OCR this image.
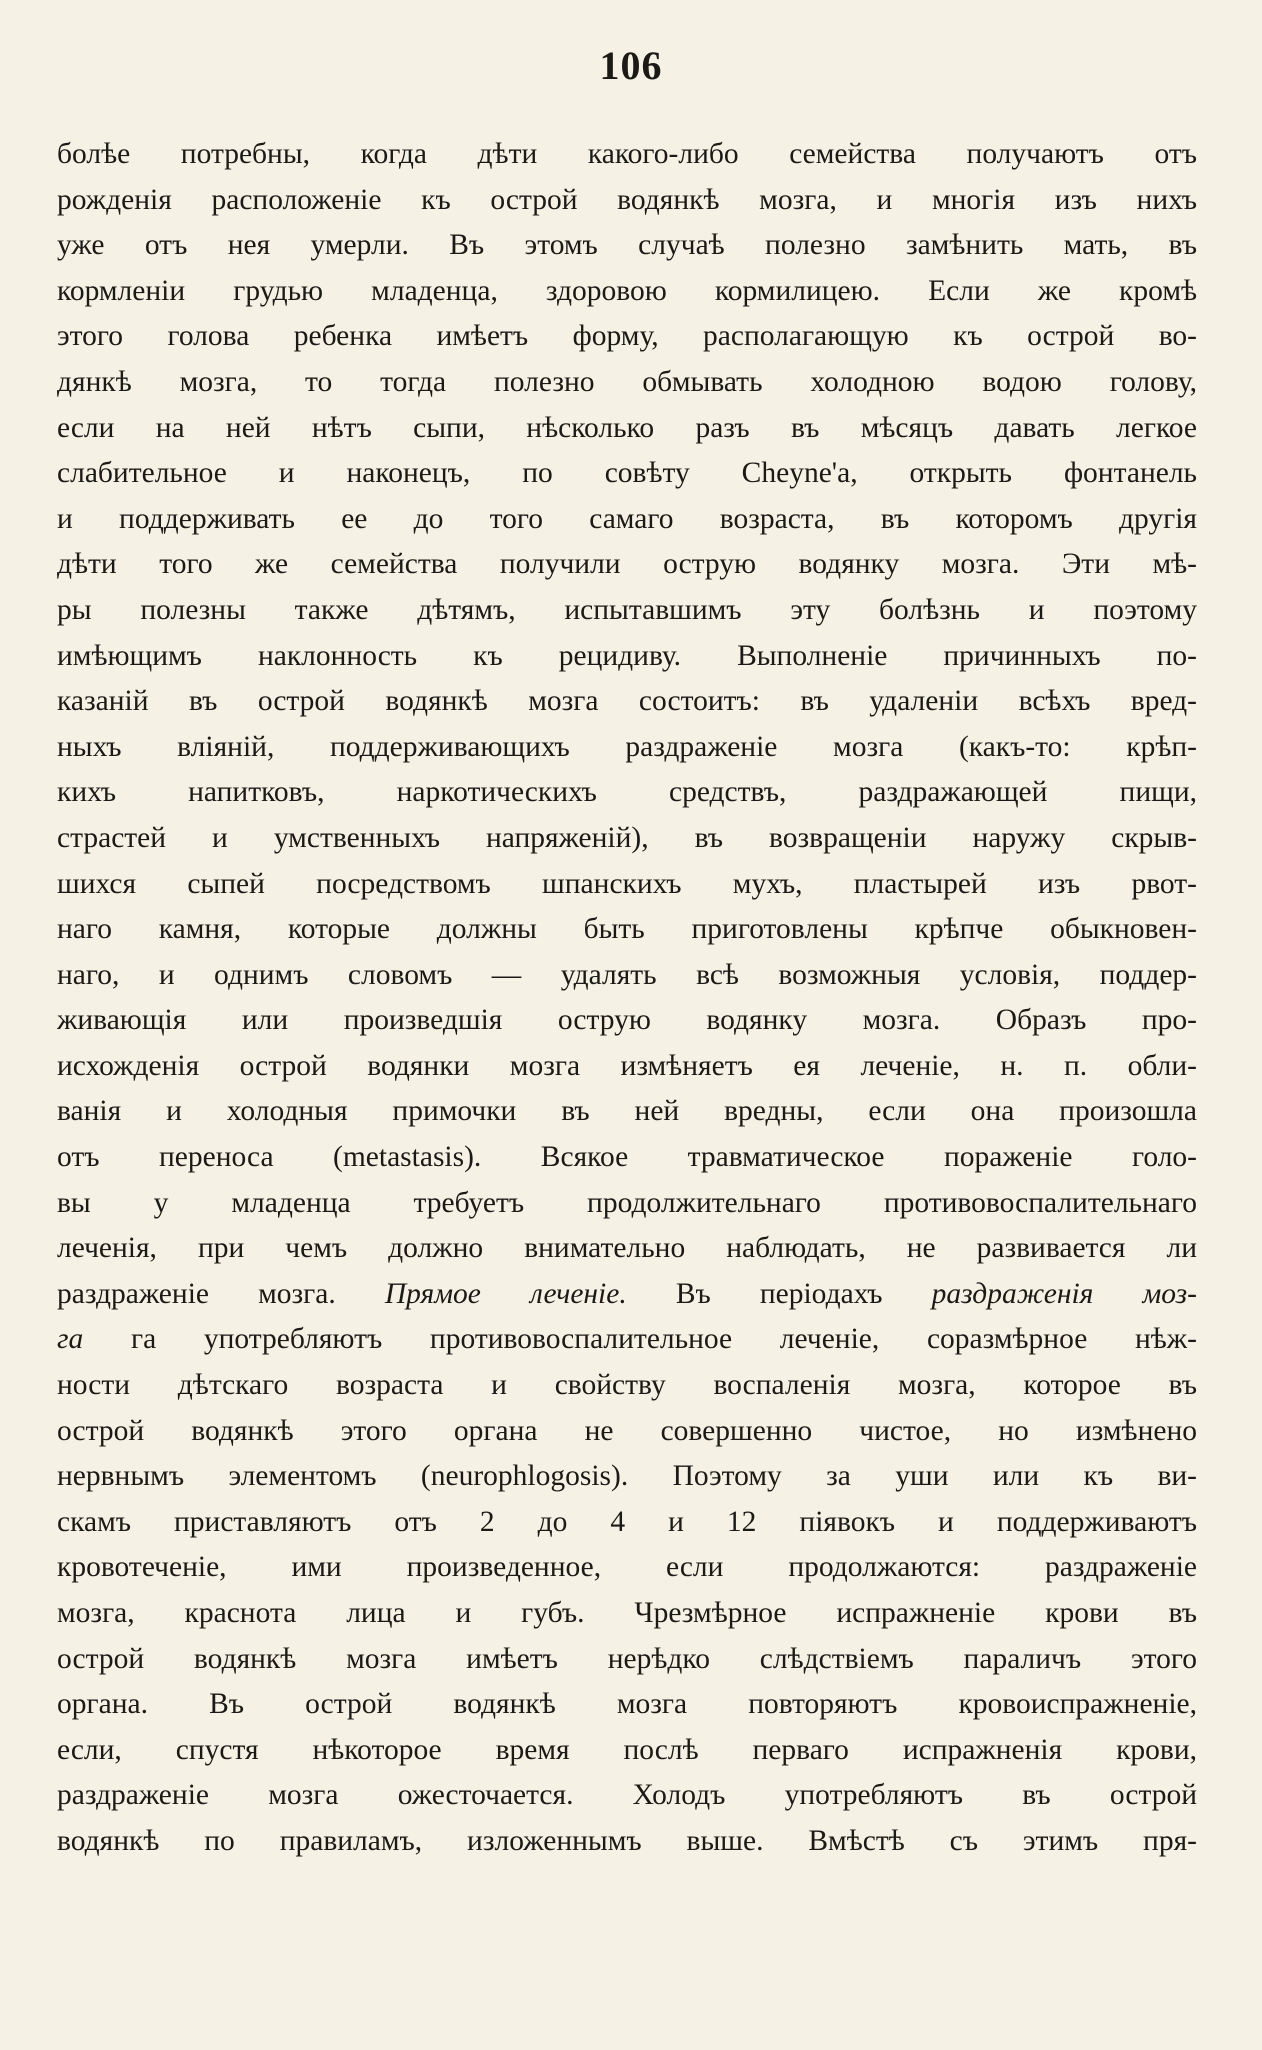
106
болѣе потребны, когда дѣти какого-либо семейства получаютъ отъ
рожденія расположеніе къ острой водянкѣ мозга, и многія изъ нихъ
уже отъ нея умерли. Въ этомъ случаѣ полезно замѣнить мать, въ
кормленіи грудью младенца, здоровою кормилицею. Если же кромѣ
этого голова ребенка имѣетъ форму, располагающую къ острой во-
дянкѣ мозга, то тогда полезно обмывать холодною водою голову,
если на ней нѣтъ сыпи, нѣсколько разъ въ мѣсяцъ давать легкое
слабительное и наконецъ, по совѣту Cheyne'a, открыть фонтанель
и поддерживать ее до того самаго возраста, въ которомъ другія
дѣти того же семейства получили острую водянку мозга. Эти мѣ-
ры полезны также дѣтямъ, испытавшимъ эту болѣзнь и поэтому
имѣющимъ наклонность къ рецидиву. Выполненіе причинныхъ по-
казаній въ острой водянкѣ мозга состоитъ: въ удаленіи всѣхъ вред-
ныхъ вліяній, поддерживающихъ раздраженіе мозга (какъ-то: крѣп-
кихъ напитковъ, наркотическихъ средствъ, раздражающей пищи,
страстей и умственныхъ напряженій), въ возвращеніи наружу скрыв-
шихся сыпей посредствомъ шпанскихъ мухъ, пластырей изъ рвот-
наго камня, которые должны быть приготовлены крѣпче обыкновен-
наго, и однимъ словомъ — удалять всѣ возможныя условія, поддер-
живающія или произведшія острую водянку мозга. Образъ про-
исхожденія острой водянки мозга измѣняетъ ея леченіе, н. п. обли-
ванія и холодныя примочки въ ней вредны, если она произошла
отъ переноса (metastasis). Всякое травматическое пораженіе голо-
вы у младенца требуетъ продолжительнаго противовоспалительнаго
леченія, при чемъ должно внимательно наблюдать, не развивается ли
раздраженіе мозга. Прямое леченіе. Въ періодахъ раздраженія моз-
га га употребляютъ противовоспалительное леченіе, соразмѣрное нѣж-
ности дѣтскаго возраста и свойству воспаленія мозга, которое въ
острой водянкѣ этого органа не совершенно чистое, но измѣнено
нервнымъ элементомъ (neurophlogosis). Поэтому за уши или къ ви-
скамъ приставляютъ отъ 2 до 4 и 12 піявокъ и поддерживаютъ
кровотеченіе, ими произведенное, если продолжаются: раздраженіе
мозга, краснота лица и губъ. Чрезмѣрное испражненіе крови въ
острой водянкѣ мозга имѣетъ нерѣдко слѣдствіемъ параличъ этого
органа. Въ острой водянкѣ мозга повторяютъ кровоиспражненіе,
если, спустя нѣкоторое время послѣ перваго испражненія крови,
раздраженіе мозга ожесточается. Холодъ употребляютъ въ острой
водянкѣ по правиламъ, изложеннымъ выше. Вмѣстѣ съ этимъ пря-
